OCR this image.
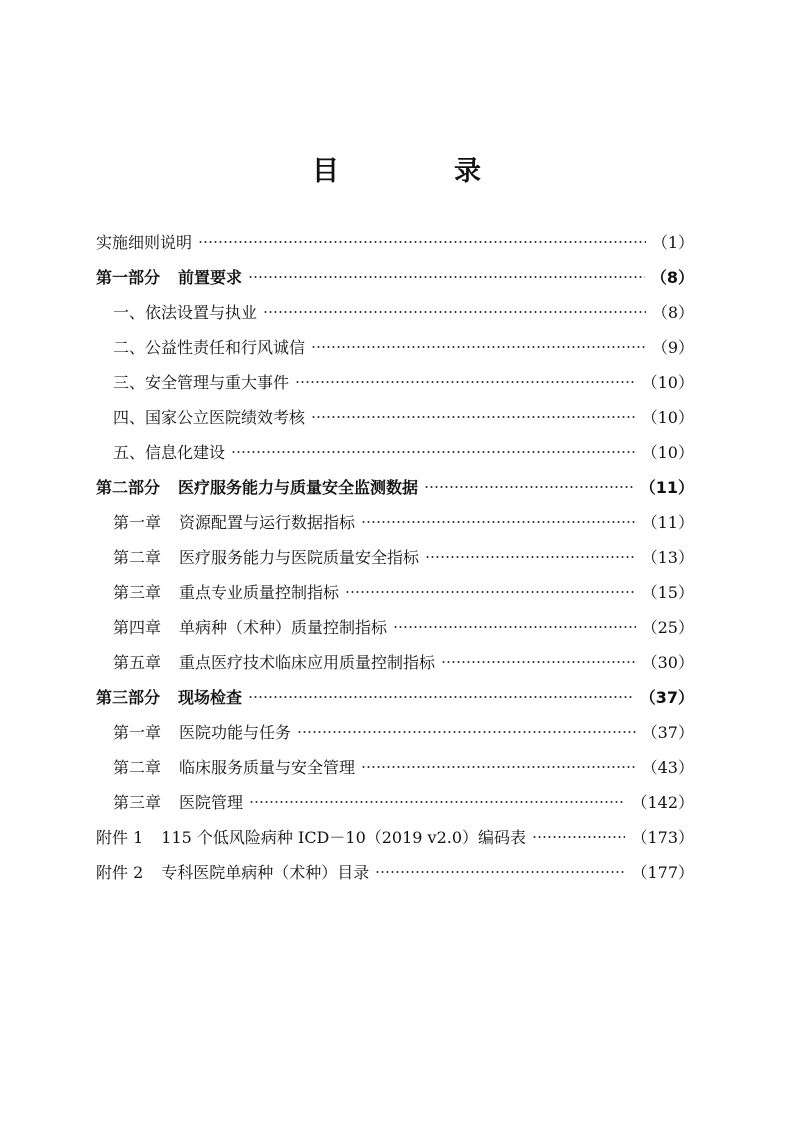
目　录
实施细则说明	（1）
第一部分 前置要求	（8）
一、依法设置与执业	（8）
二、公益性责任和行风诚信	（9）
三、安全管理与重大事件	（10）
四、国家公立医院绩效考核	（10）
五、信息化建设	（10）
第二部分 医疗服务能力与质量安全监测数据	（11）
第一章 资源配置与运行数据指标	（11）
第二章 医疗服务能力与医院质量安全指标	（13）
第三章 重点专业质量控制指标	（15）
第四章 单病种（术种）质量控制指标	（25）
第五章 重点医疗技术临床应用质量控制指标	（30）
第三部分 现场检查	（37）
第一章 医院功能与任务	（37）
第二章 临床服务质量与安全管理	（43）
第三章 医院管理	（142）
附件 1 115 个低风险病种 ICD－10（2019 v2.0）编码表	（173）
附件 2 专科医院单病种（术种）目录	（177）
